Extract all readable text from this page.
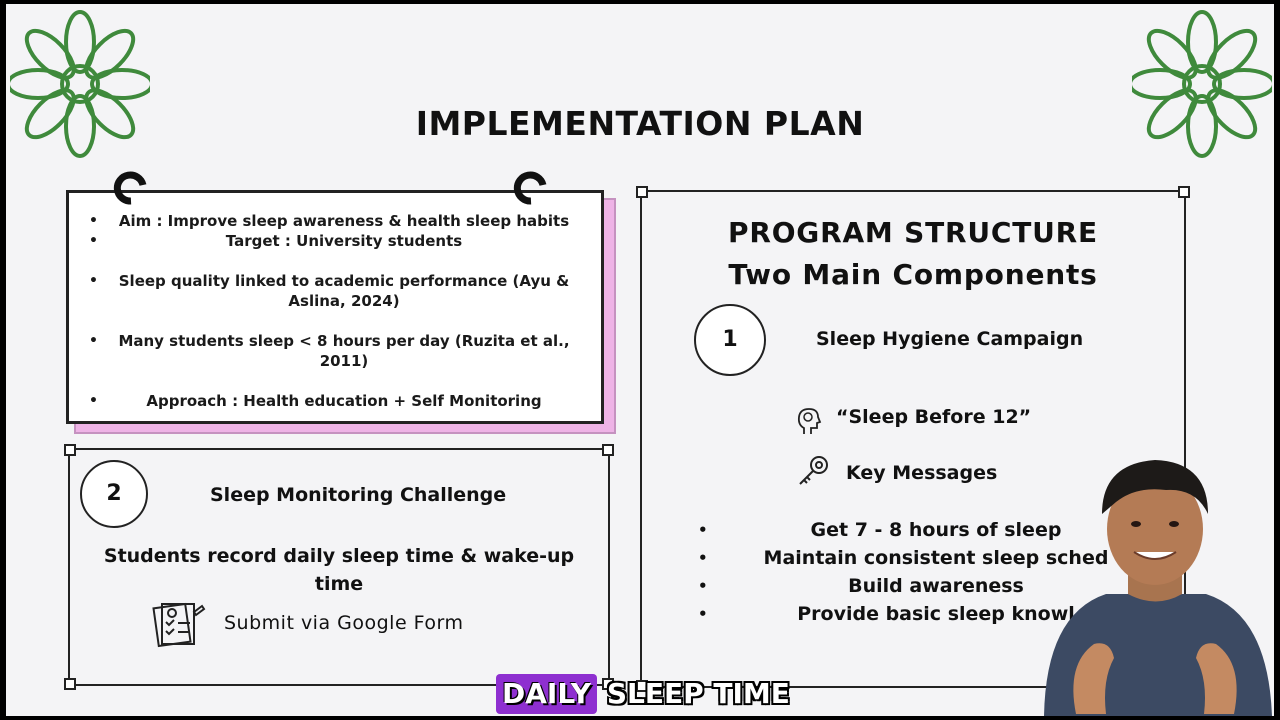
IMPLEMENTATION PLAN
• Aim : Improve sleep awareness & health sleep habits
•	Target : University students
• Sleep quality linked to academic performance (Ayu & Aslina, 2024)
• Many students sleep < 8 hours per day (Ruzita et al., 2011)
•	Approach : Health education + Self Monitoring
2	Sleep Monitoring Challenge
Students record daily sleep time & wake-up time
Submit via Google Form
PROGRAM STRUCTURE
Two Main Components
1	Sleep Hygiene Campaign
“Sleep Before 12”
Key Messages
•	Get 7 - 8 hours of sleep
•	Maintain consistent sleep sched
•	Build awareness
•	Provide basic sleep knowl
DAILY SLEEP TIME
